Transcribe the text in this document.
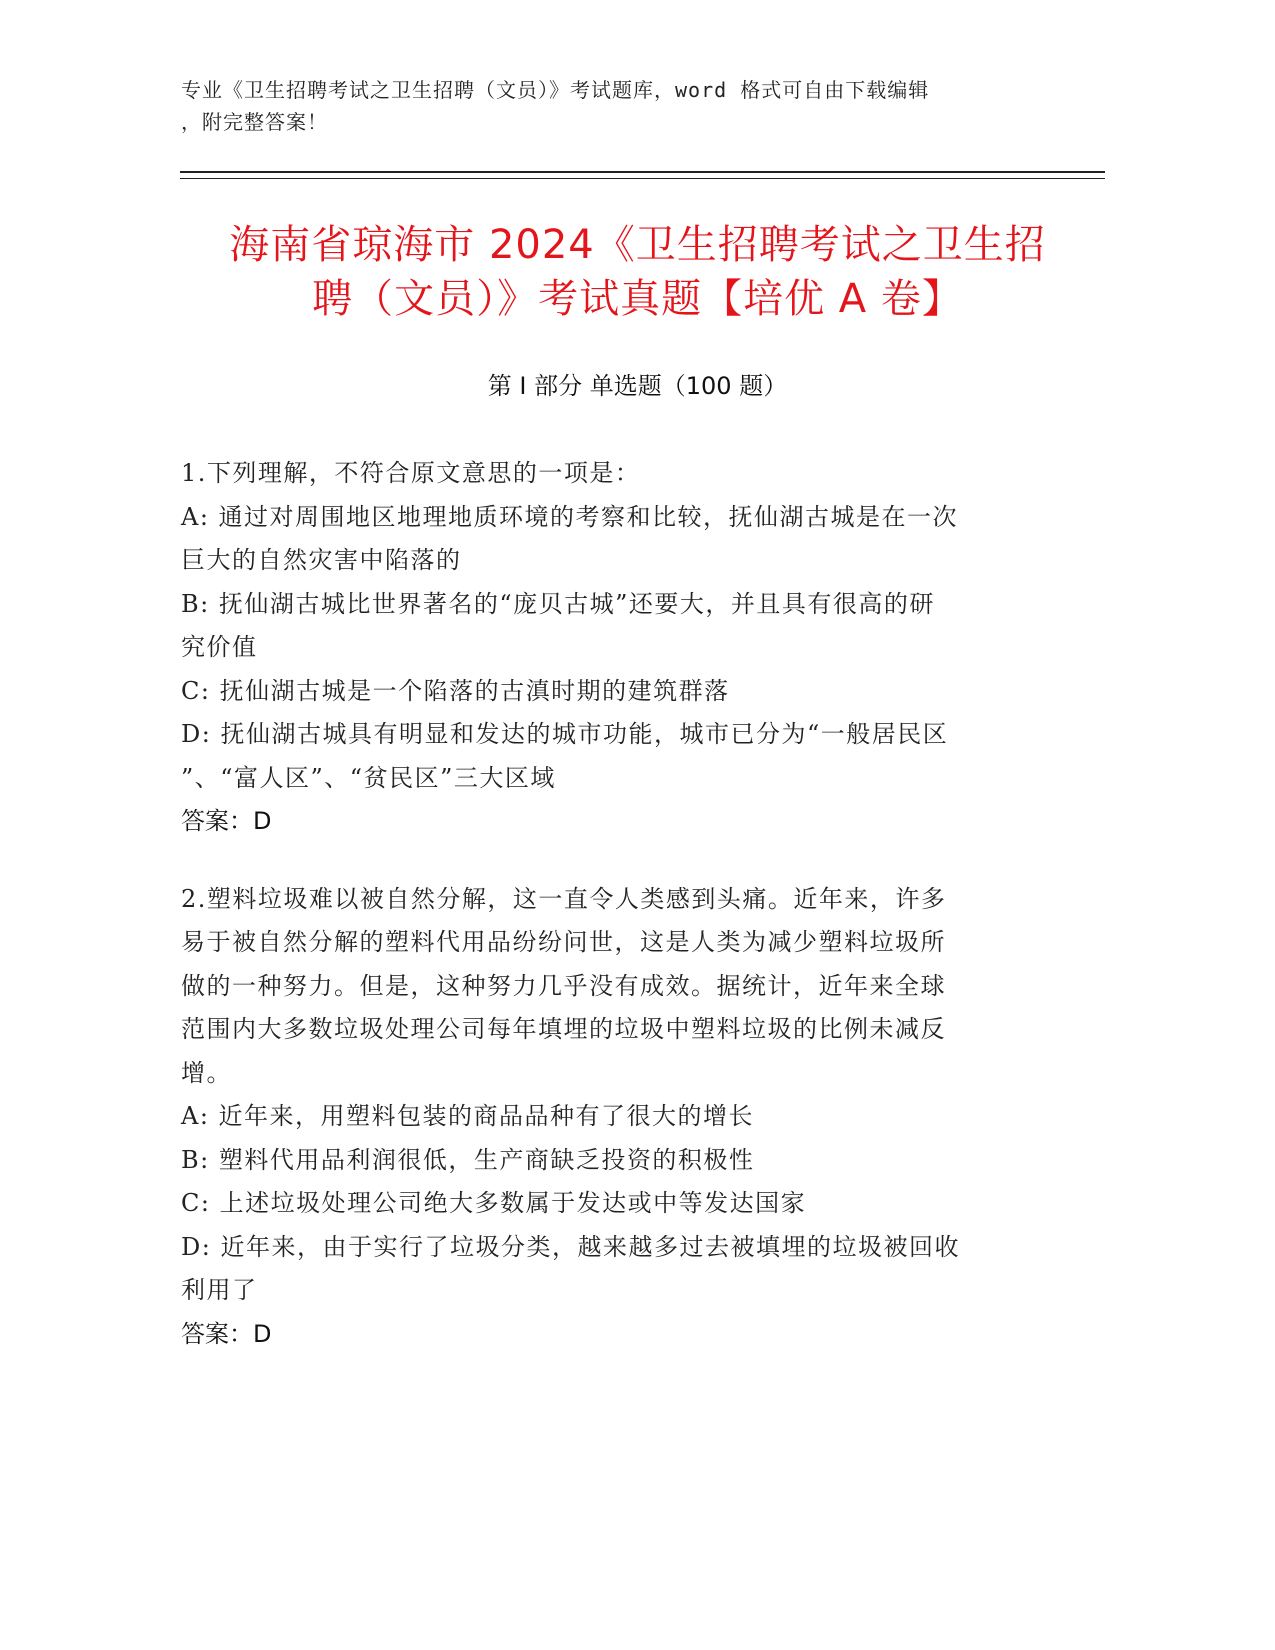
专业《卫生招聘考试之卫生招聘（文员）》考试题库，word 格式可自由下载编辑
，附完整答案！
海南省琼海市 2024《卫生招聘考试之卫生招
聘（文员）》考试真题【培优 A 卷】
第 I 部分 单选题（100 题）

1.下列理解，不符合原文意思的一项是：

A: 通过对周围地区地理地质环境的考察和比较，抚仙湖古城是在一次

巨大的自然灾害中陷落的

B: 抚仙湖古城比世界著名的“庞贝古城”还要大，并且具有很高的研

究价值

C: 抚仙湖古城是一个陷落的古滇时期的建筑群落

D: 抚仙湖古城具有明显和发达的城市功能，城市已分为“一般居民区

”、“富人区”、“贫民区”三大区域

答案：D

2.塑料垃圾难以被自然分解，这一直令人类感到头痛。近年来，许多

易于被自然分解的塑料代用品纷纷问世，这是人类为减少塑料垃圾所

做的一种努力。但是，这种努力几乎没有成效。据统计，近年来全球

范围内大多数垃圾处理公司每年填埋的垃圾中塑料垃圾的比例未减反

增。

A: 近年来，用塑料包装的商品品种有了很大的增长

B: 塑料代用品利润很低，生产商缺乏投资的积极性

C: 上述垃圾处理公司绝大多数属于发达或中等发达国家

D: 近年来，由于实行了垃圾分类，越来越多过去被填埋的垃圾被回收

利用了

答案：D
